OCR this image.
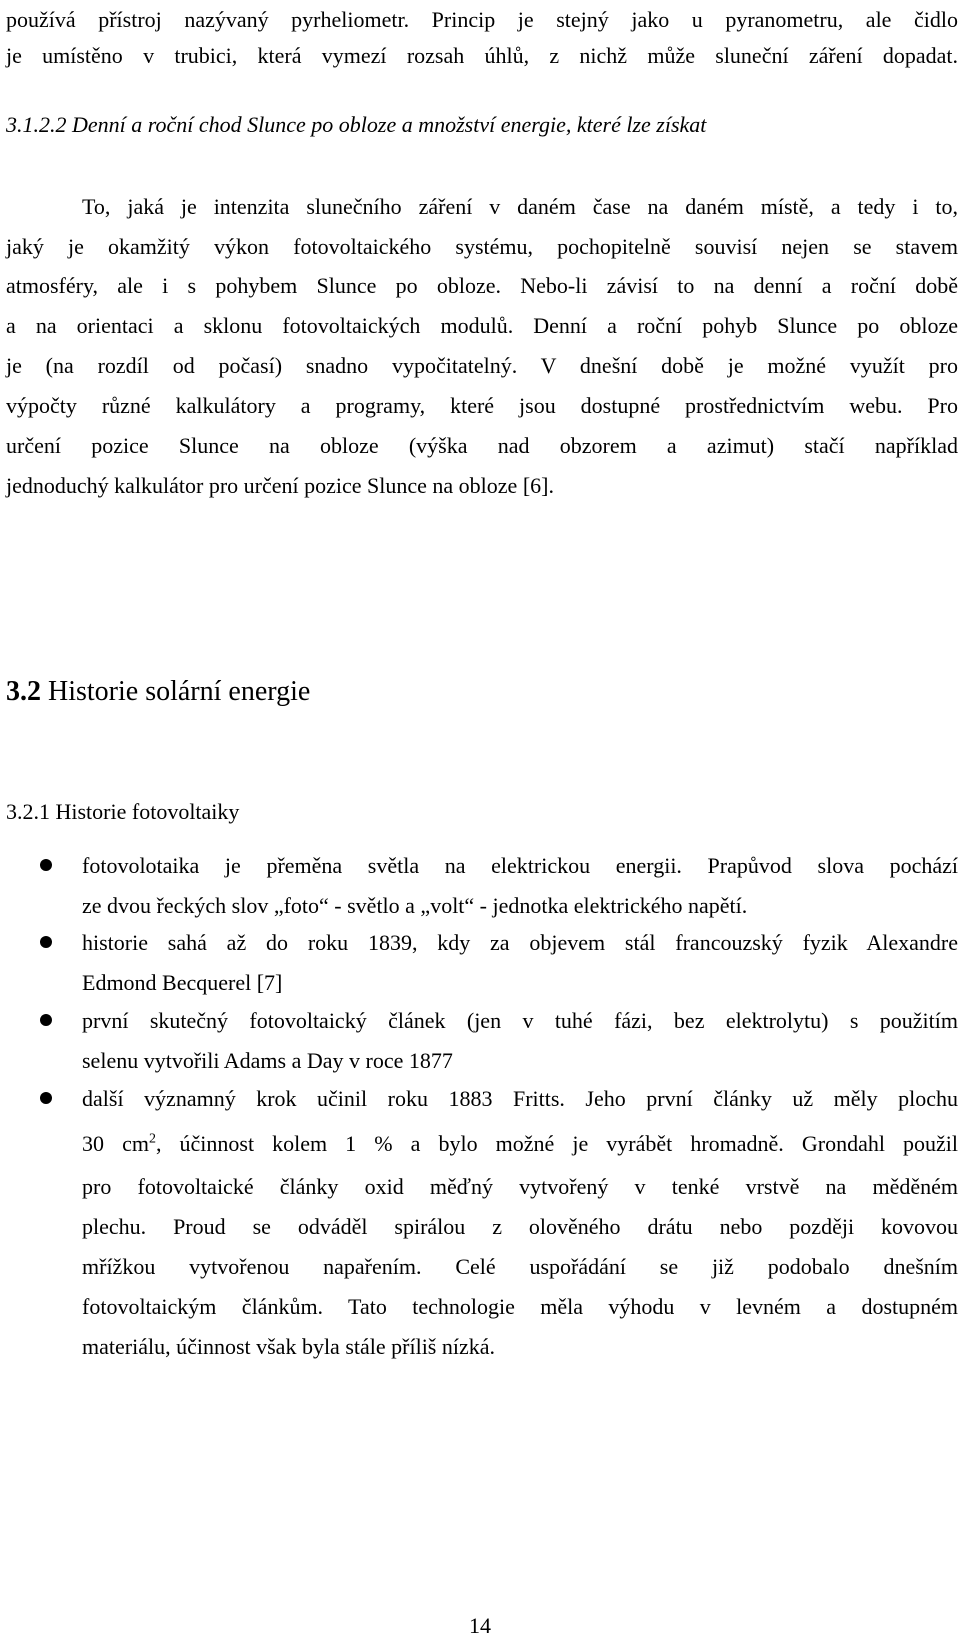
používá přístroj nazývaný pyrheliometr. Princip je stejný jako u pyranometru, ale čidlo
je umístěno v trubici, která vymezí rozsah úhlů, z nichž může sluneční záření dopadat.
3.1.2.2 Denní a roční chod Slunce po obloze a množství energie, které lze získat
To, jaká je intenzita slunečního záření v daném čase na daném místě, a tedy i to,
jaký je okamžitý výkon fotovoltaického systému, pochopitelně souvisí nejen se stavem
atmosféry, ale i s pohybem Slunce po obloze. Nebo-li závisí to na denní a roční době
a na orientaci a sklonu fotovoltaických modulů. Denní a roční pohyb Slunce po obloze
je (na rozdíl od počasí) snadno vypočitatelný. V dnešní době je možné využít pro
výpočty různé kalkulátory a programy, které jsou dostupné prostřednictvím webu. Pro
určení pozice Slunce na obloze (výška nad obzorem a azimut) stačí například
jednoduchý kalkulátor pro určení pozice Slunce na obloze [6].
3.2 Historie solární energie
3.2.1 Historie fotovoltaiky
fotovolotaika je přeměna světla na elektrickou energii. Prapůvod slova pochází
ze dvou řeckých slov „foto“ - světlo a „volt“ - jednotka elektrického napětí.
historie sahá až do roku 1839, kdy za objevem stál francouzský fyzik Alexandre
Edmond Becquerel [7]
první skutečný fotovoltaický článek (jen v tuhé fázi, bez elektrolytu) s použitím
selenu vytvořili Adams a Day v roce 1877
další významný krok učinil roku 1883 Fritts. Jeho první články už měly plochu
30 $cm^2$, účinnost kolem 1 % a bylo možné je vyrábět hromadně. Grondahl použil
pro fotovoltaické články oxid měďný vytvořený v tenké vrstvě na měděném
plechu. Proud se odváděl spirálou z olověného drátu nebo později kovovou
mřížkou vytvořenou napařením. Celé uspořádání se již podobalo dnešním
fotovoltaickým článkům. Tato technologie měla výhodu v levném a dostupném
materiálu, účinnost však byla stále příliš nízká.
14
